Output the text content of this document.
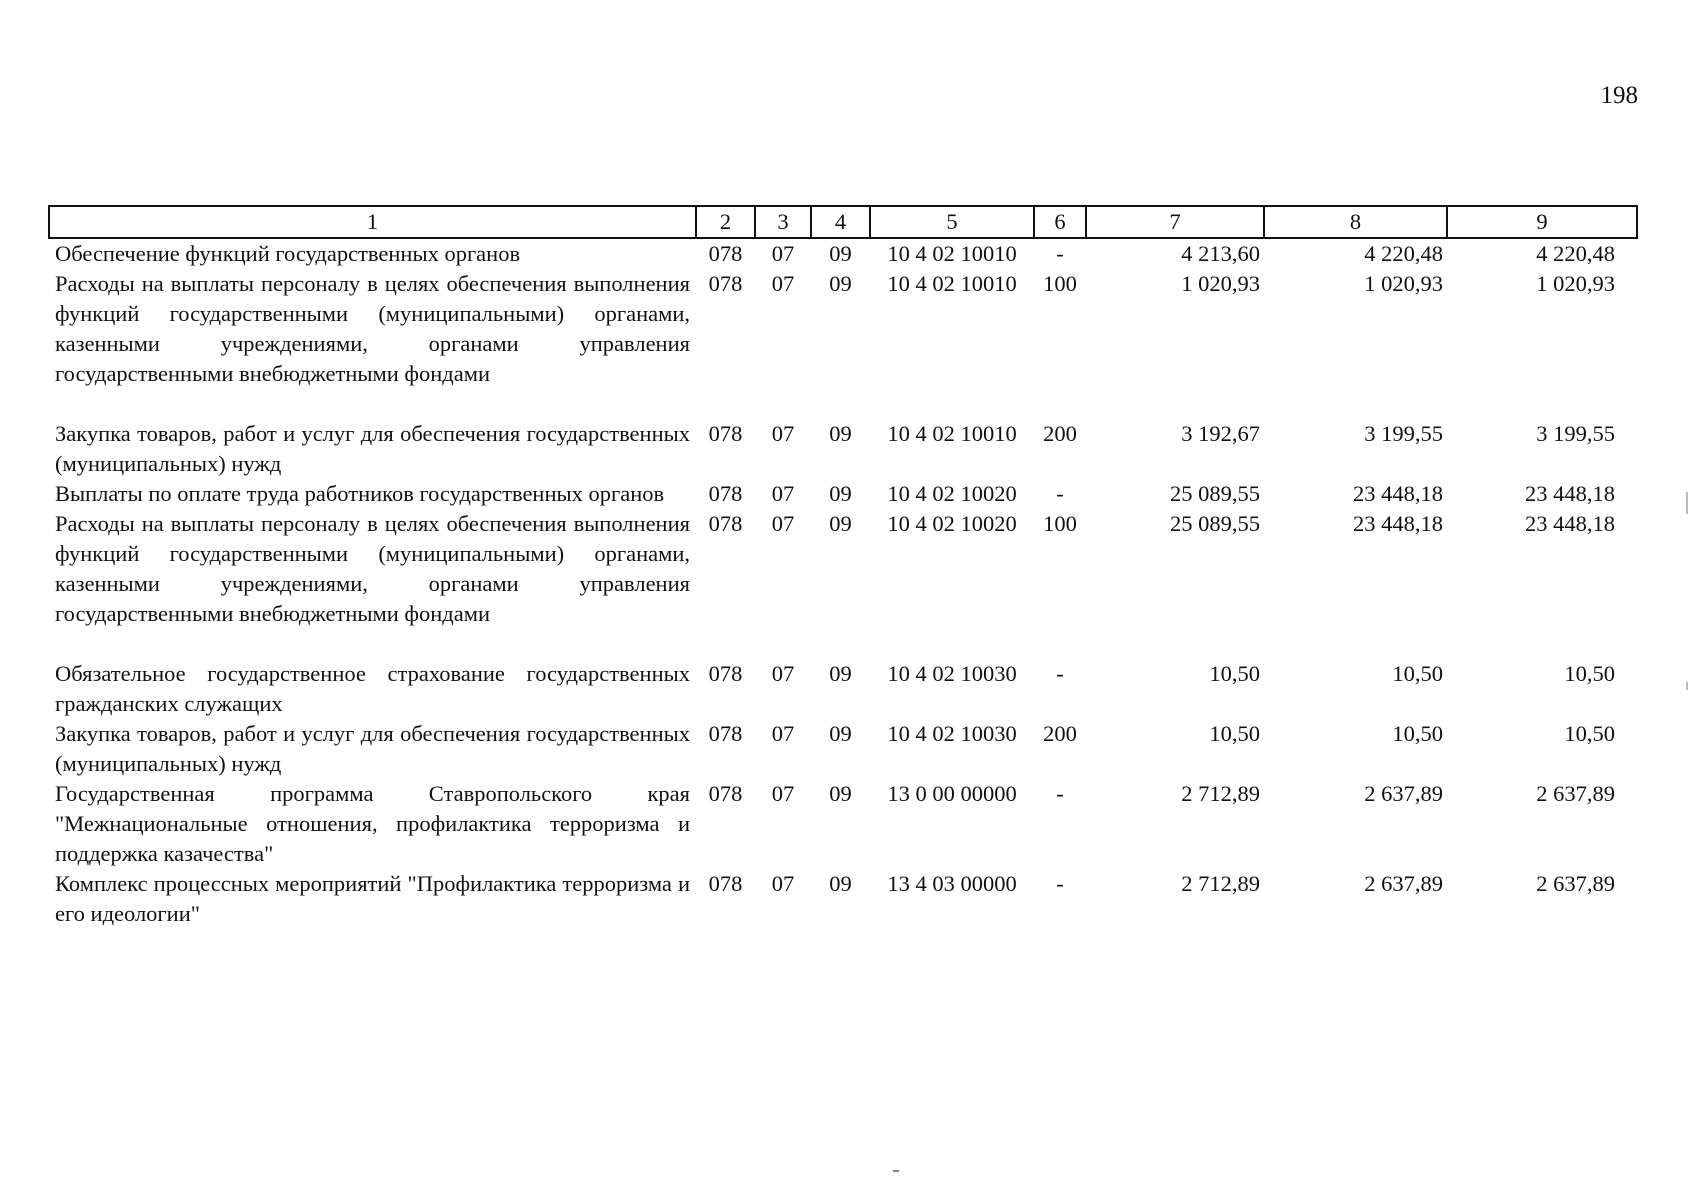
198
1	2	3	4	5	6	7	8	9
Обеспечение функций государственных органов	078	07	09	10 4 02 10010	-	4 213,60	4 220,48	4 220,48
Расходы на выплаты персоналу в целях обеспечения выполнения функций государственными (муниципальными) органами, казенными учреждениями, органами управления государственными внебюджетными фондами	078	07	09	10 4 02 10010	100	1 020,93	1 020,93	1 020,93
Закупка товаров, работ и услуг для обеспечения государственных (муниципальных) нужд	078	07	09	10 4 02 10010	200	3 192,67	3 199,55	3 199,55
Выплаты по оплате труда работников государственных органов	078	07	09	10 4 02 10020	-	25 089,55	23 448,18	23 448,18
Расходы на выплаты персоналу в целях обеспечения выполнения функций государственными (муниципальными) органами, казенными учреждениями, органами управления государственными внебюджетными фондами	078	07	09	10 4 02 10020	100	25 089,55	23 448,18	23 448,18
Обязательное государственное страхование государственных гражданских служащих	078	07	09	10 4 02 10030	-	10,50	10,50	10,50
Закупка товаров, работ и услуг для обеспечения государственных (муниципальных) нужд	078	07	09	10 4 02 10030	200	10,50	10,50	10,50
Государственная программа Ставропольского края "Межнациональные отношения, профилактика терроризма и поддержка казачества"	078	07	09	13 0 00 00000	-	2 712,89	2 637,89	2 637,89
Комплекс процессных мероприятий "Профилактика терроризма и его идеологии"	078	07	09	13 4 03 00000	-	2 712,89	2 637,89	2 637,89
